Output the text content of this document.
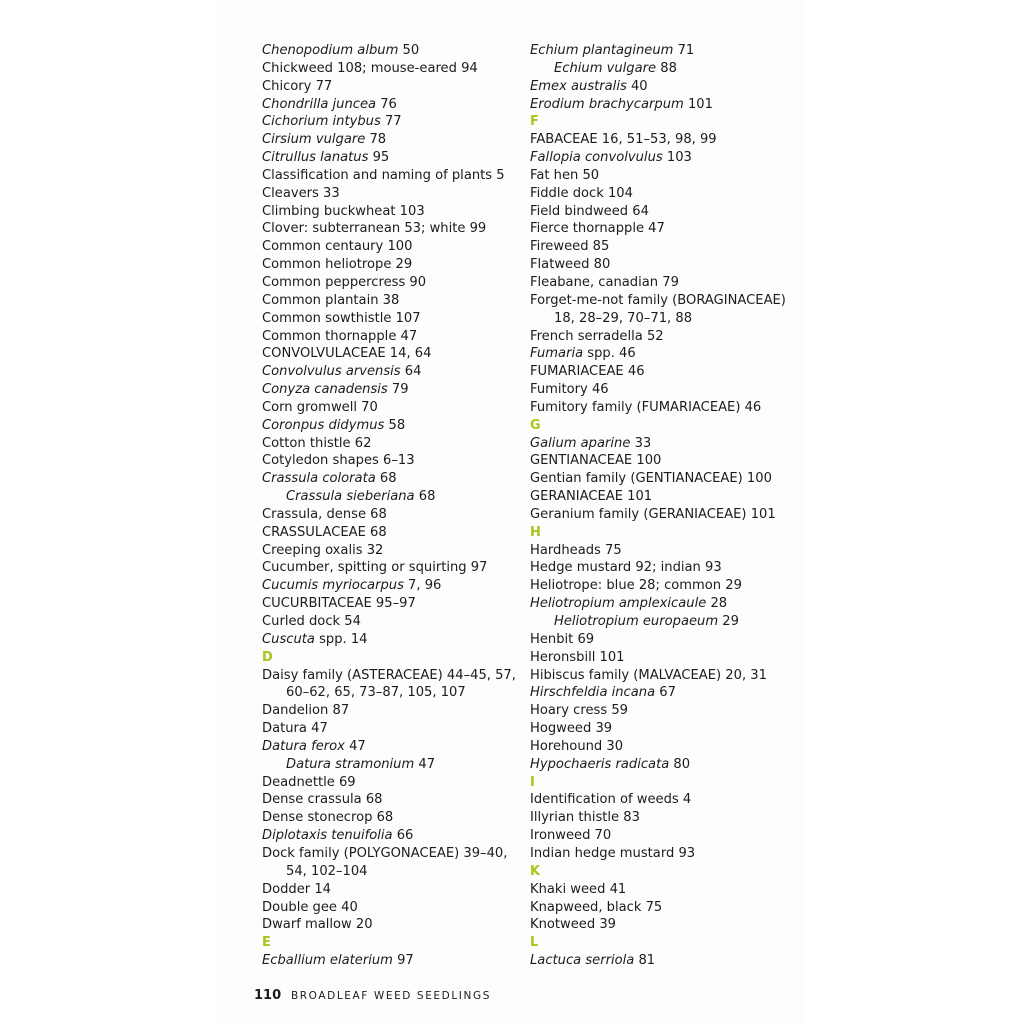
Chenopodium album 50
Chickweed 108; mouse-eared 94
Chicory 77
Chondrilla juncea 76
Cichorium intybus 77
Cirsium vulgare 78
Citrullus lanatus 95
Classification and naming of plants 5
Cleavers 33
Climbing buckwheat 103
Clover: subterranean 53; white 99
Common centaury 100
Common heliotrope 29
Common peppercress 90
Common plantain 38
Common sowthistle 107
Common thornapple 47
CONVOLVULACEAE 14, 64
Convolvulus arvensis 64
Conyza canadensis 79
Corn gromwell 70
Coronpus didymus 58
Cotton thistle 62
Cotyledon shapes 6–13
Crassula colorata 68
Crassula sieberiana 68
Crassula, dense 68
CRASSULACEAE 68
Creeping oxalis 32
Cucumber, spitting or squirting 97
Cucumis myriocarpus 7, 96
CUCURBITACEAE 95–97
Curled dock 54
Cuscuta spp. 14
D
Daisy family (ASTERACEAE) 44–45, 57,
60–62, 65, 73–87, 105, 107
Dandelion 87
Datura 47
Datura ferox 47
Datura stramonium 47
Deadnettle 69
Dense crassula 68
Dense stonecrop 68
Diplotaxis tenuifolia 66
Dock family (POLYGONACEAE) 39–40,
54, 102–104
Dodder 14
Double gee 40
Dwarf mallow 20
E
Ecballium elaterium 97
Echium plantagineum 71
Echium vulgare 88
Emex australis 40
Erodium brachycarpum 101
F
FABACEAE 16, 51–53, 98, 99
Fallopia convolvulus 103
Fat hen 50
Fiddle dock 104
Field bindweed 64
Fierce thornapple 47
Fireweed 85
Flatweed 80
Fleabane, canadian 79
Forget-me-not family (BORAGINACEAE)
18, 28–29, 70–71, 88
French serradella 52
Fumaria spp. 46
FUMARIACEAE 46
Fumitory 46
Fumitory family (FUMARIACEAE) 46
G
Galium aparine 33
GENTIANACEAE 100
Gentian family (GENTIANACEAE) 100
GERANIACEAE 101
Geranium family (GERANIACEAE) 101
H
Hardheads 75
Hedge mustard 92; indian 93
Heliotrope: blue 28; common 29
Heliotropium amplexicaule 28
Heliotropium europaeum 29
Henbit 69
Heronsbill 101
Hibiscus family (MALVACEAE) 20, 31
Hirschfeldia incana 67
Hoary cress 59
Hogweed 39
Horehound 30
Hypochaeris radicata 80
I
Identification of weeds 4
Illyrian thistle 83
Ironweed 70
Indian hedge mustard 93
K
Khaki weed 41
Knapweed, black 75
Knotweed 39
L
Lactuca serriola 81
110 BROADLEAF WEED SEEDLINGS
